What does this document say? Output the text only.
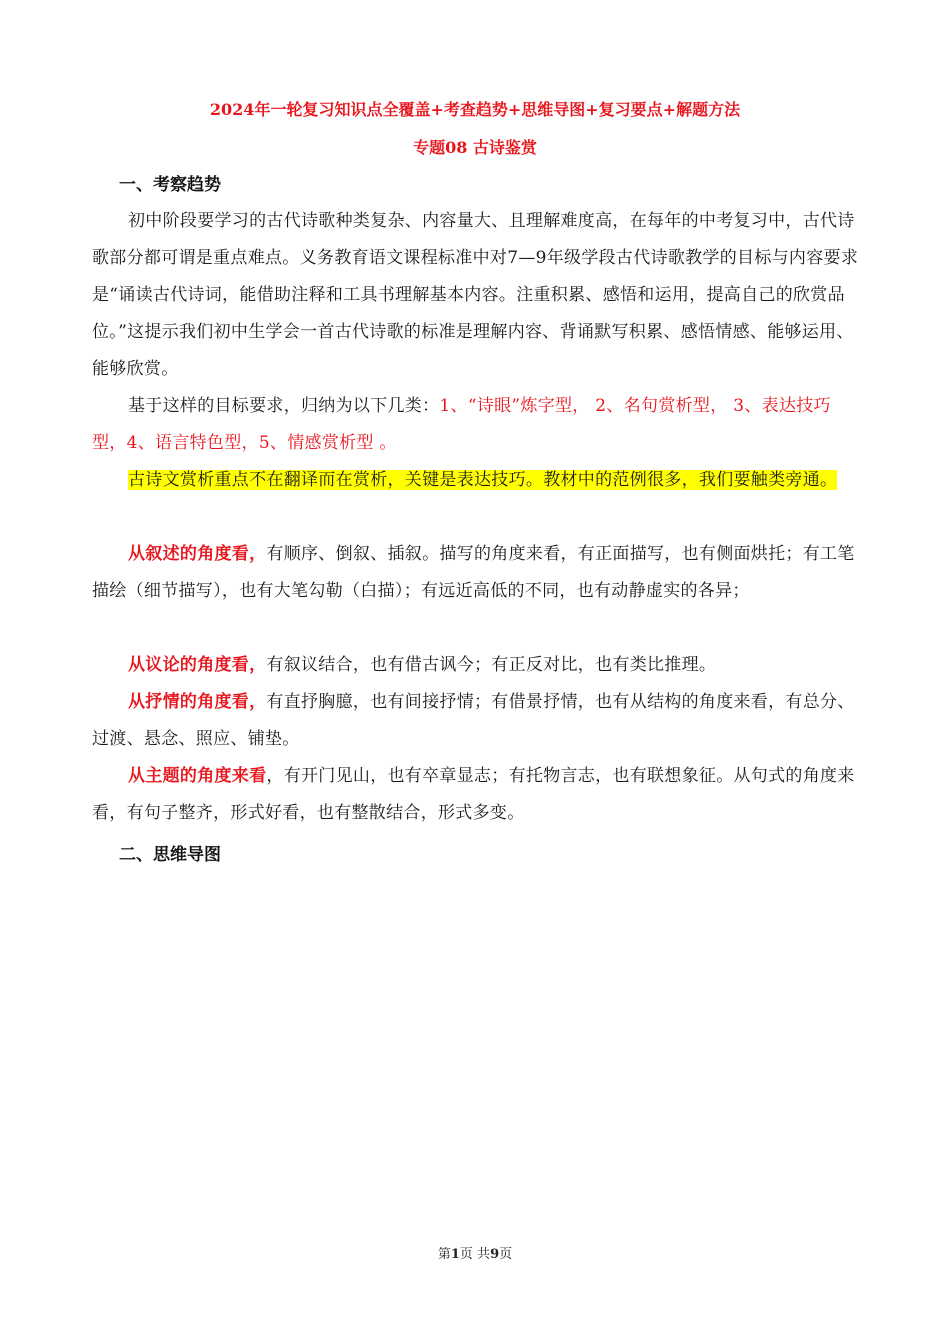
2024年一轮复习知识点全覆盖+考查趋势+思维导图+复习要点+解题方法
专题08 古诗鉴赏
一、考察趋势
初中阶段要学习的古代诗歌种类复杂、内容量大、且理解难度高，在每年的中考复习中，古代诗歌部分都可谓是重点难点。义务教育语文课程标准中对7—9年级学段古代诗歌教学的目标与内容要求是“诵读古代诗词，能借助注释和工具书理解基本内容。注重积累、感悟和运用，提高自己的欣赏品位。”这提示我们初中生学会一首古代诗歌的标准是理解内容、背诵默写积累、感悟情感、能够运用、能够欣赏。
基于这样的目标要求，归纳为以下几类：1、“诗眼”炼字型， 2、名句赏析型， 3、表达技巧型，4、语言特色型，5、情感赏析型 。
古诗文赏析重点不在翻译而在赏析，关键是表达技巧。教材中的范例很多，我们要触类旁通。
从叙述的角度看，有顺序、倒叙、插叙。描写的角度来看，有正面描写，也有侧面烘托；有工笔描绘（细节描写），也有大笔勾勒（白描）；有远近高低的不同，也有动静虚实的各异；
从议论的角度看，有叙议结合，也有借古讽今；有正反对比，也有类比推理。
从抒情的角度看，有直抒胸臆，也有间接抒情；有借景抒情，也有从结构的角度来看，有总分、过渡、悬念、照应、铺垫。
从主题的角度来看，有开门见山，也有卒章显志；有托物言志，也有联想象征。从句式的角度来看，有句子整齐，形式好看，也有整散结合，形式多变。
二、思维导图
第1页 共9页
